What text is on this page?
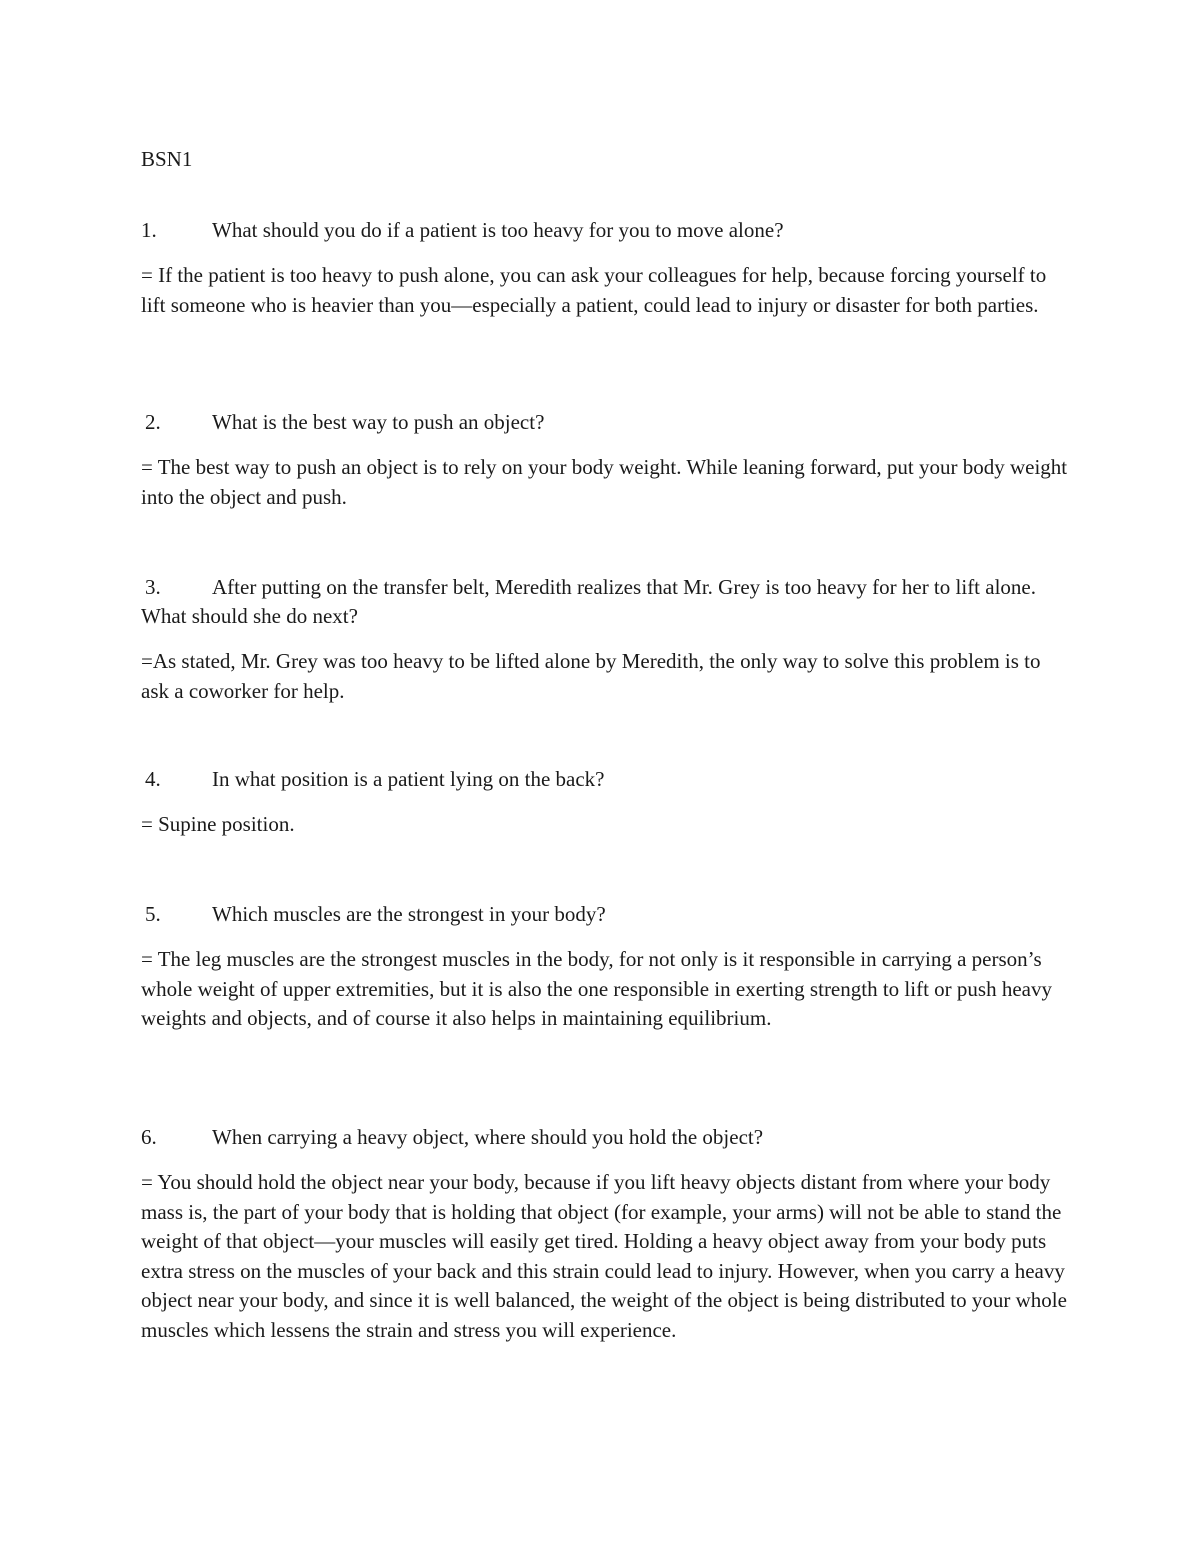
BSN1

1.	What should you do if a patient is too heavy for you to move alone?

= If the patient is too heavy to push alone, you can ask your colleagues for help, because forcing yourself to lift someone who is heavier than you—especially a patient, could lead to injury or disaster for both parties.

2.	What is the best way to push an object?

= The best way to push an object is to rely on your body weight. While leaning forward, put your body weight into the object and push.

3. After putting on the transfer belt, Meredith realizes that Mr. Grey is too heavy for her to lift alone. What should she do next?

=As stated, Mr. Grey was too heavy to be lifted alone by Meredith, the only way to solve this problem is to ask a coworker for help.

4.	In what position is a patient lying on the back?

= Supine position.

5.	Which muscles are the strongest in your body?

= The leg muscles are the strongest muscles in the body, for not only is it responsible in carrying a person’s whole weight of upper extremities, but it is also the one responsible in exerting strength to lift or push heavy weights and objects, and of course it also helps in maintaining equilibrium.

6.	When carrying a heavy object, where should you hold the object?

= You should hold the object near your body, because if you lift heavy objects distant from where your body mass is, the part of your body that is holding that object (for example, your arms) will not be able to stand the weight of that object—your muscles will easily get tired. Holding a heavy object away from your body puts extra stress on the muscles of your back and this strain could lead to injury. However, when you carry a heavy object near your body, and since it is well balanced, the weight of the object is being distributed to your whole muscles which lessens the strain and stress you will experience.
